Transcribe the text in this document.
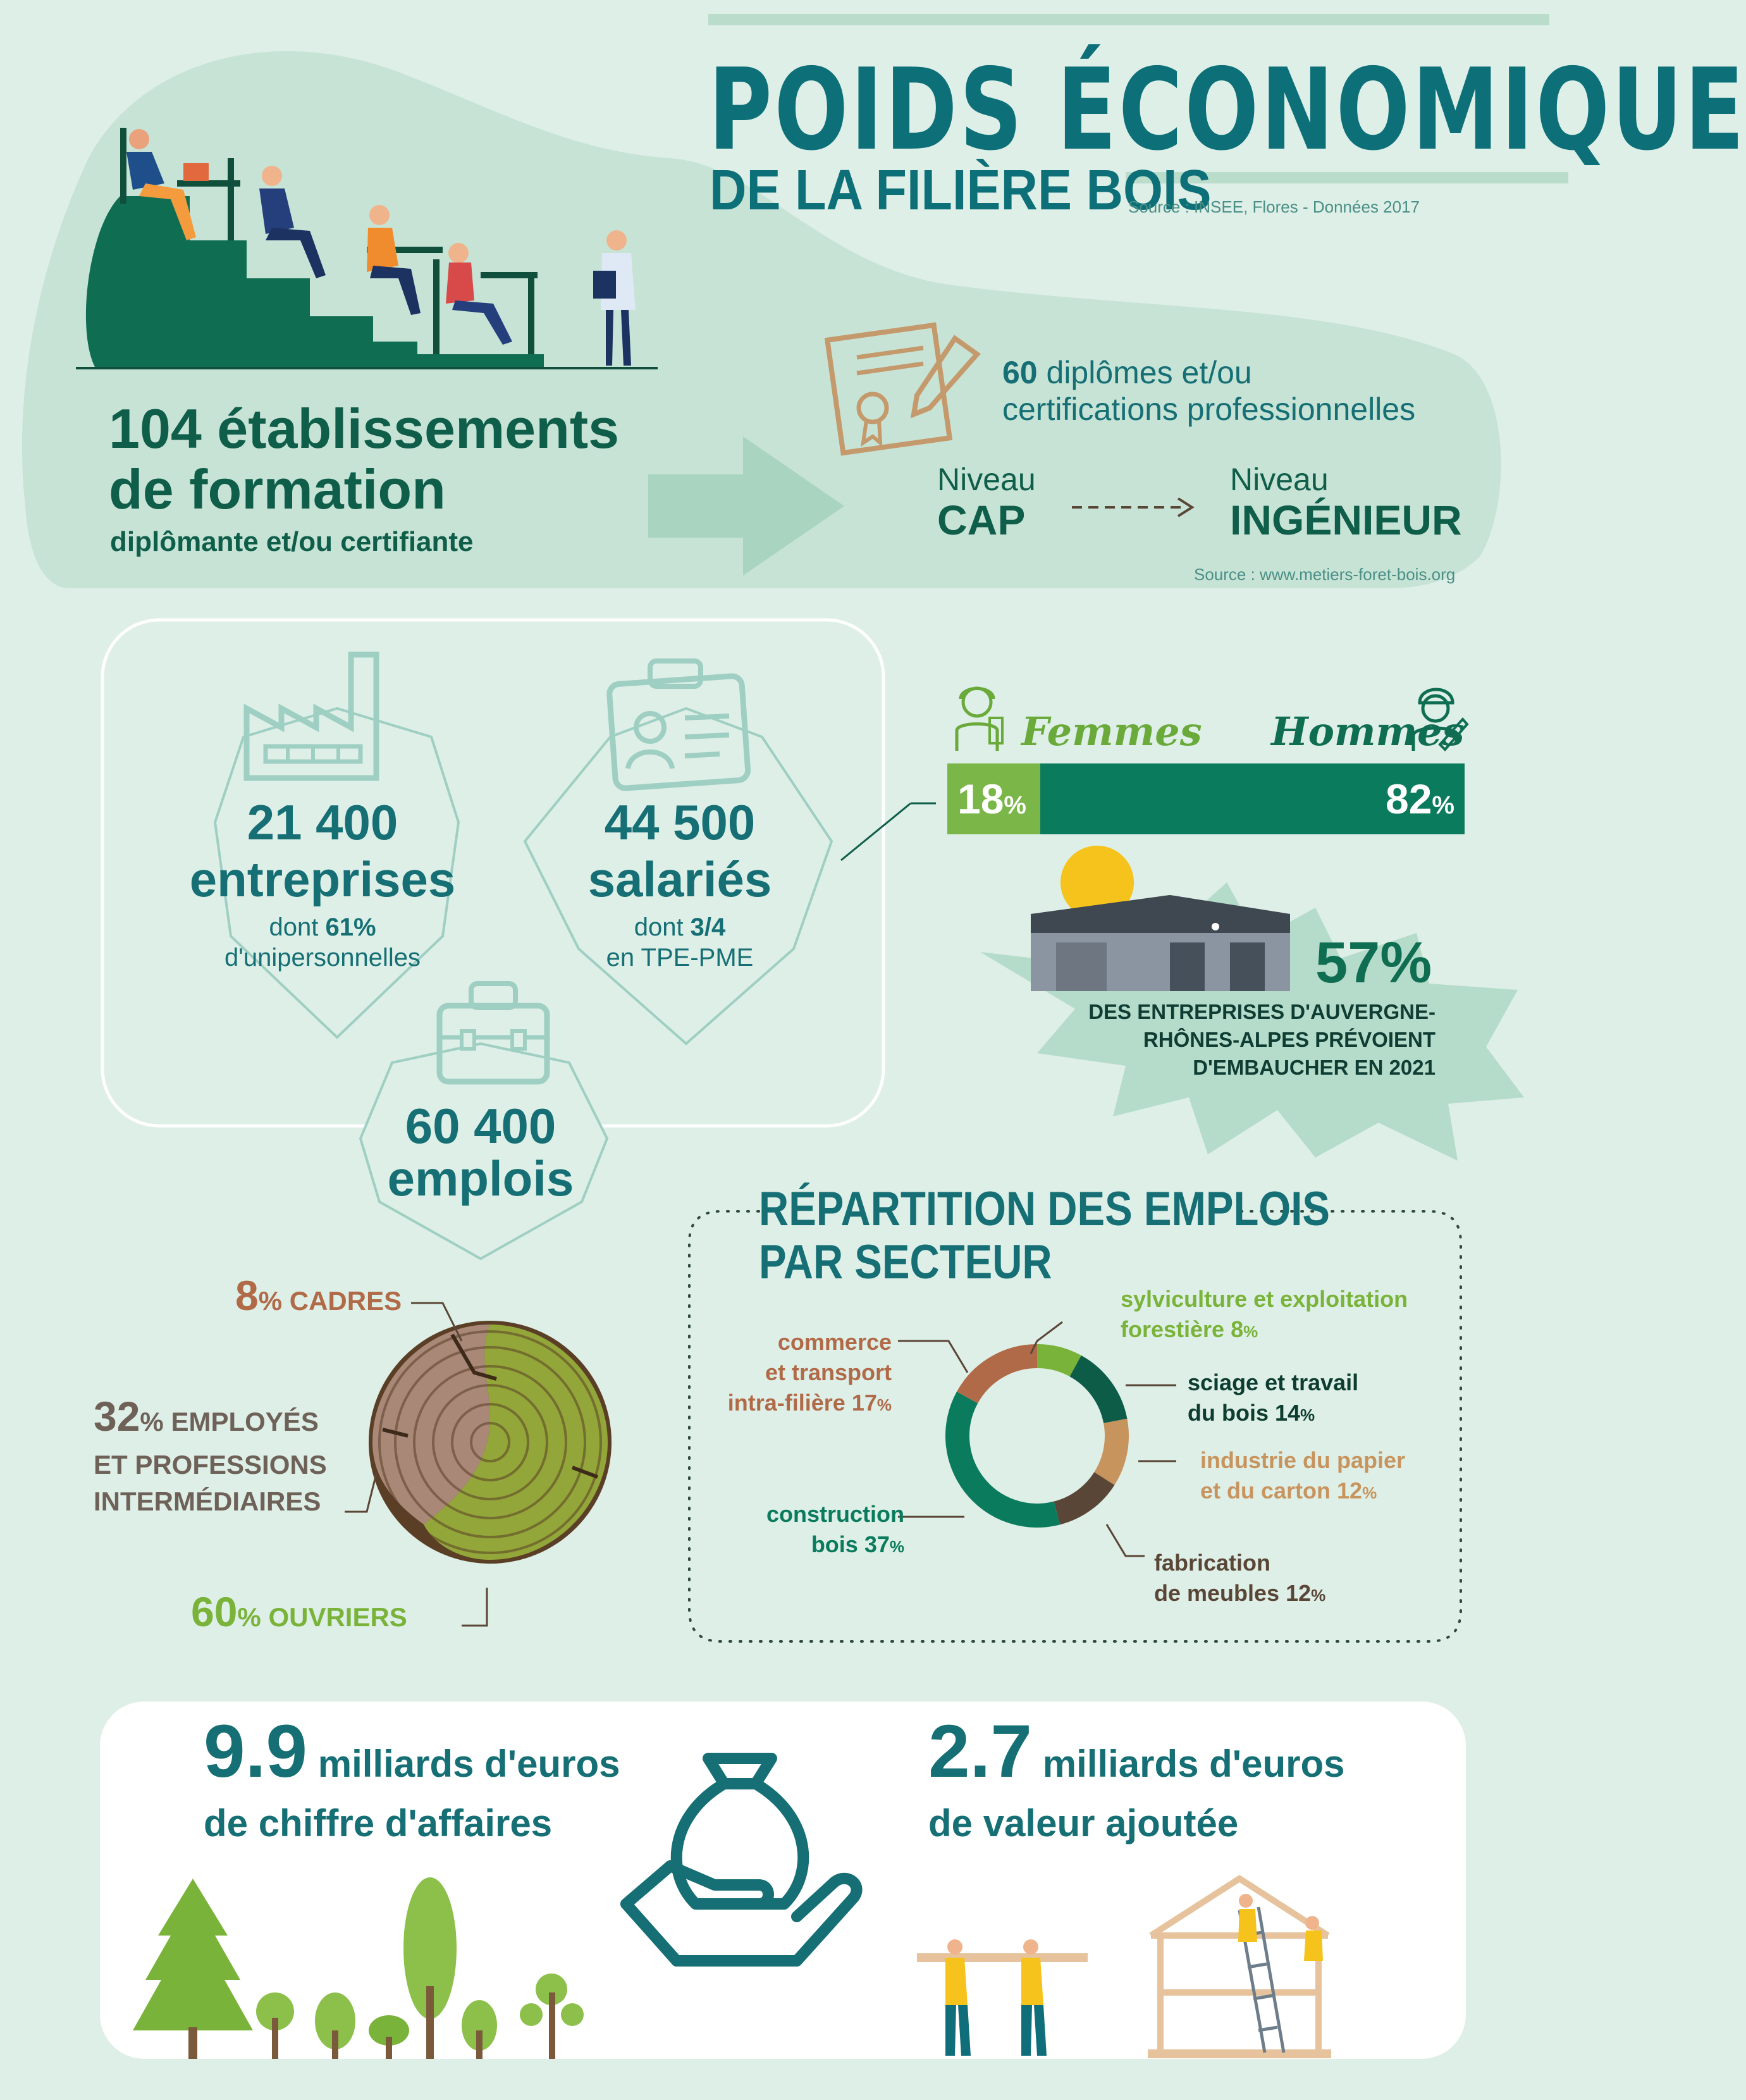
POIDS ÉCONOMIQUE
DE LA FILIÈRE BOIS
Source : INSEE, Flores - Données 2017
104 établissements
de formation
diplômante et/ou certifiante
60 diplômes et/ou
certifications professionnelles
Niveau
CAP
Niveau
INGÉNIEUR
Source : www.metiers-foret-bois.org
21 400
entreprises
dont 61%
d'unipersonnelles
44 500
salariés
dont 3/4
en TPE-PME
60 400
emplois
Femmes Hommes
18%	82%
57%
DES ENTREPRISES D'AUVERGNE-
RHÔNES-ALPES PRÉVOIENT
D'EMBAUCHER EN 2021
8% CADRES
32% EMPLOYÉS
ET PROFESSIONS
INTERMÉDIAIRES
60% OUVRIERS
RÉPARTITION DES EMPLOIS
PAR SECTEUR
sylviculture et exploitation
forestière 8%
sciage et travail
du bois 14%
industrie du papier
et du carton 12%
fabrication
de meubles 12%
construction
bois 37%
commerce
et transport
intra-filière 17%
9.9 milliards d'euros
de chiffre d'affaires
2.7 milliards d'euros
de valeur ajoutée
